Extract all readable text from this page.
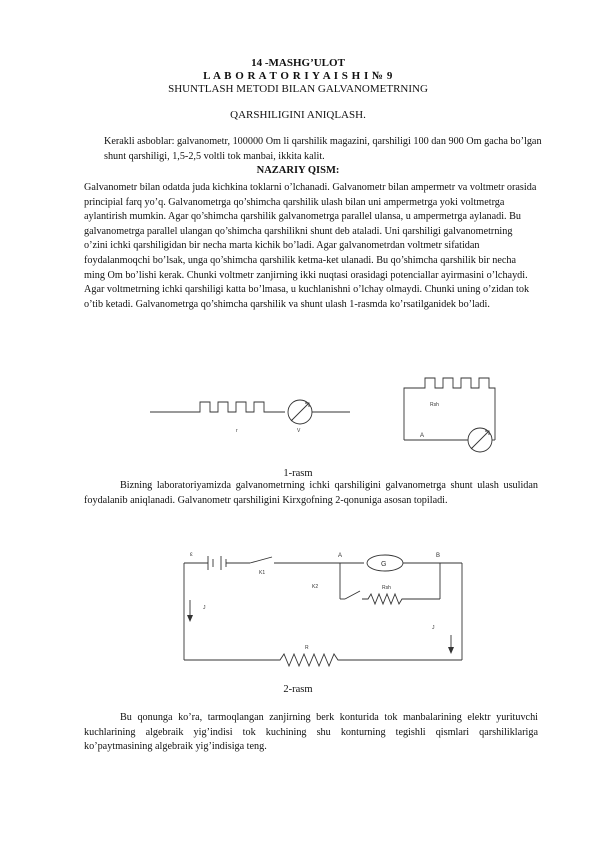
14 -MASHG’ULOT
L A B O R A T O R I Y A I S H I № 9
SHUNTLASH METODI BILAN GALVANOMETRNING
QARSHILIGINI ANIQLASH.

Kerakli asboblar: galvanometr, 100000 Om li qarshilik magazini, qarshiligi 100 dan 900 Om gacha bo’lgan shunt qarshiligi, 1,5-2,5 voltli tok manbai, ikkita kalit.

NAZARIY QISM:

Galvanometr bilan odatda juda kichkina toklarni o’lchanadi. Galvanometr bilan ampermetr va voltmetr orasida principial farq yo’q. Galvanometrga qo’shimcha qarshilik ulash bilan uni ampermetrga yoki voltmetrga aylantirish mumkin. Agar qo’shimcha qarshilik galvanometrga parallel ulansa, u ampermetrga aylanadi. Bu galvanometrga parallel ulangan qo’shimcha qarshilikni shunt deb ataladi. Uni qarshiligi galvanometrning o’zini ichki qarshiligidan bir necha marta kichik bo’ladi. Agar galvanometrdan voltmetr sifatidan foydalanmoqchi bo’lsak, unga qo’shimcha qarshilik ketma-ket ulanadi. Bu qo’shimcha qarshilik bir necha ming Om bo’lishi kerak. Chunki voltmetr zanjirning ikki nuqtasi orasidagi potenciallar ayirmasini o’lchaydi. Agar voltmetrning ichki qarshiligi katta bo’lmasa, u kuchlanishni o’lchay olmaydi. Chunki uning o’zidan tok o’tib ketadi. Galvanometrga qo’shimcha qarshilik va shunt ulash 1-rasmda ko’rsatilganidek bo’ladi.

r	V
Rsh
A
1-rasm

Bizning laboratoriyamizda galvanometrning ichki qarshiligini galvanometrga shunt ulash usulidan foydalanib aniqlanadi. Galvanometr qarshiligini Kirxgofning 2-qonuniga asosan topiladi.

ε
K1
A
G
B
K2	Rsh
J
J
R
2-rasm

Bu qonunga ko’ra, tarmoqlangan zanjirning berk konturida tok manbalarining elektr yurituvchi kuchlarining algebraik yig’indisi tok kuchining shu konturning tegishli qismlari qarshiliklariga ko’paytmasining algebraik yig’indisiga teng.
